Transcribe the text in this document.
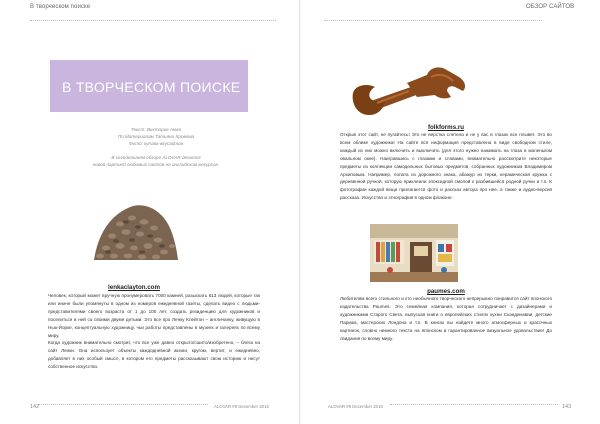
В творческом поиске
В ТВОРЧЕСКОМ ПОИСКЕ
Текст: Виктория Аюка
По Материалам Татьяна Хромова
Фото: купава-вкусайтов
В сегодняшнем обзоре ALOVAR делится
новой партией любимых сайтов на английском-ресурсах.
lenkaclayton.com

Человек, который может вручную пронумеровать 7000 камней, разыскать 613 людей, которые так или иначе были упомянуты в одном из номеров ежедневной газеты, сделать видео с людьми-представителями своего возраста от 1 до 100 лет, создать резиденцию для художников и поселиться в ней со своими двумя детьми. Это все про Ленку Клейтон – англичанку, живущую в Нью-Йорке, концептуальную художницу, чьи работы представлены в музеях и галереях по всему миру.

Когда художник внимательно смотрит, что все уже давно открыто/сшито/изобретено, – блеск на сайт Ленки. Она использует объекты каждодневной жизни, кругом, вертит, и ежедневно, добавляет в них особый смысл, в котором его предметы рассказывают свою историю и несут собственное искусство.

142	ALOVAR #8 December 2016
ОБЗОР САЙТОВ
folkforms.ru
Открыв этот сайт, не пугайтесь! Это не верстка слетела и не у вас в глазах все плывет. Это во всем облике художника! На сайте вся информация представлена в виде свободном стиле, каждый из них можно включить и выключить (для этого нужно нажимать на глаза в маленьком овальном окне). Наигравшись с глазами и словами, внимательно рассмотрите некоторые предметы из коллекции самодельных бытовых предметов, собранных художником Владимиром Архиповым. Например, лопата из дорожного знака, абажур из терки, керамическая кружка с деревянной ручкой, которую приклеили эпоксидной смолой к разбившейся родной ручки и т.п. К фотографии каждой вещи прилагается фото и рассказ автора про нее, а также и аудио-версия рассказа. Искусство и этнография в одном флаконе.
paumes.com
Любителям всего стильного и кто необычного творческого непрерывно понравится сайт японского издательства Paumes. Это семейная компания, которая сотрудничает с дизайнерами и художниками Старого Света, выпуская книги о европейских стилях кухни Скандинавии, детские Парижа, мастерских Лондона и т.п. В книгах вы найдете много атмосферных и красочных картинок, словно немного текста на японском и гарантированное визуальное удовольствие! До свидания по всему миру.
ALOVAR #8 December 2016	143
